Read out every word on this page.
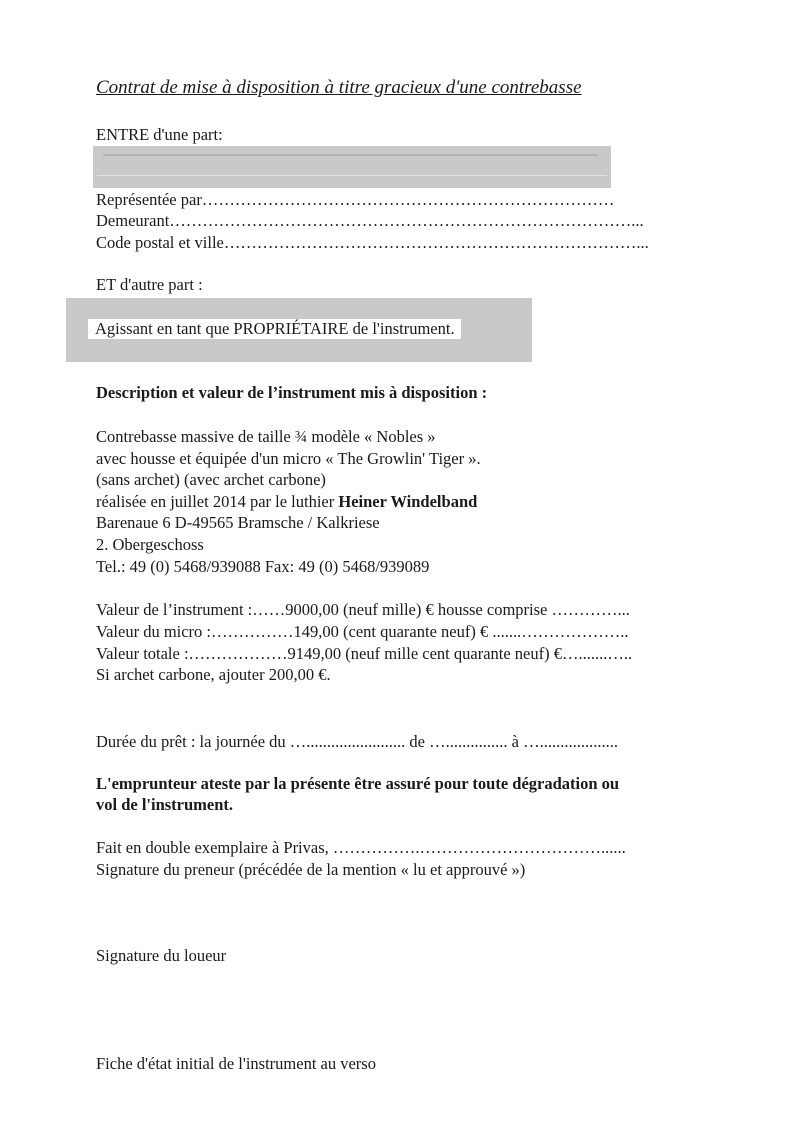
Contrat de mise à disposition à titre gracieux d'une contrebasse
ENTRE d'une part:
Représentée par…………………………………………………………………
Demeurant…………………………………………………………………………...
Code postal et ville…………………………………………………………………...
ET d'autre part :
Agissant en tant que PROPRIÉTAIRE de l'instrument.
Description et valeur de l’instrument mis à disposition :
Contrebasse massive de taille ¾ modèle « Nobles »
avec housse et équipée d'un micro « The Growlin' Tiger ».
(sans archet) (avec archet carbone)
réalisée en juillet 2014 par le luthier Heiner Windelband
Barenaue 6 D-49565 Bramsche / Kalkriese
2. Obergeschoss
Tel.: 49 (0) 5468/939088 Fax: 49 (0) 5468/939089
Valeur de l’instrument :……9000,00 (neuf mille) € housse comprise …………...
Valeur du micro :……………149,00 (cent quarante neuf) € .......………………..
Valeur totale :………………9149,00 (neuf mille cent quarante neuf) €….......…..
Si archet carbone, ajouter 200,00 €.
Durée du prêt : la journée du …........................ de …............... à …...................
L'emprunteur ateste par la présente être assuré pour toute dégradation ou
vol de l'instrument.
Fait en double exemplaire à Privas, …………….……………………………......
Signature du preneur (précédée de la mention « lu et approuvé »)
Signature du loueur
Fiche d'état initial de l'instrument au verso
